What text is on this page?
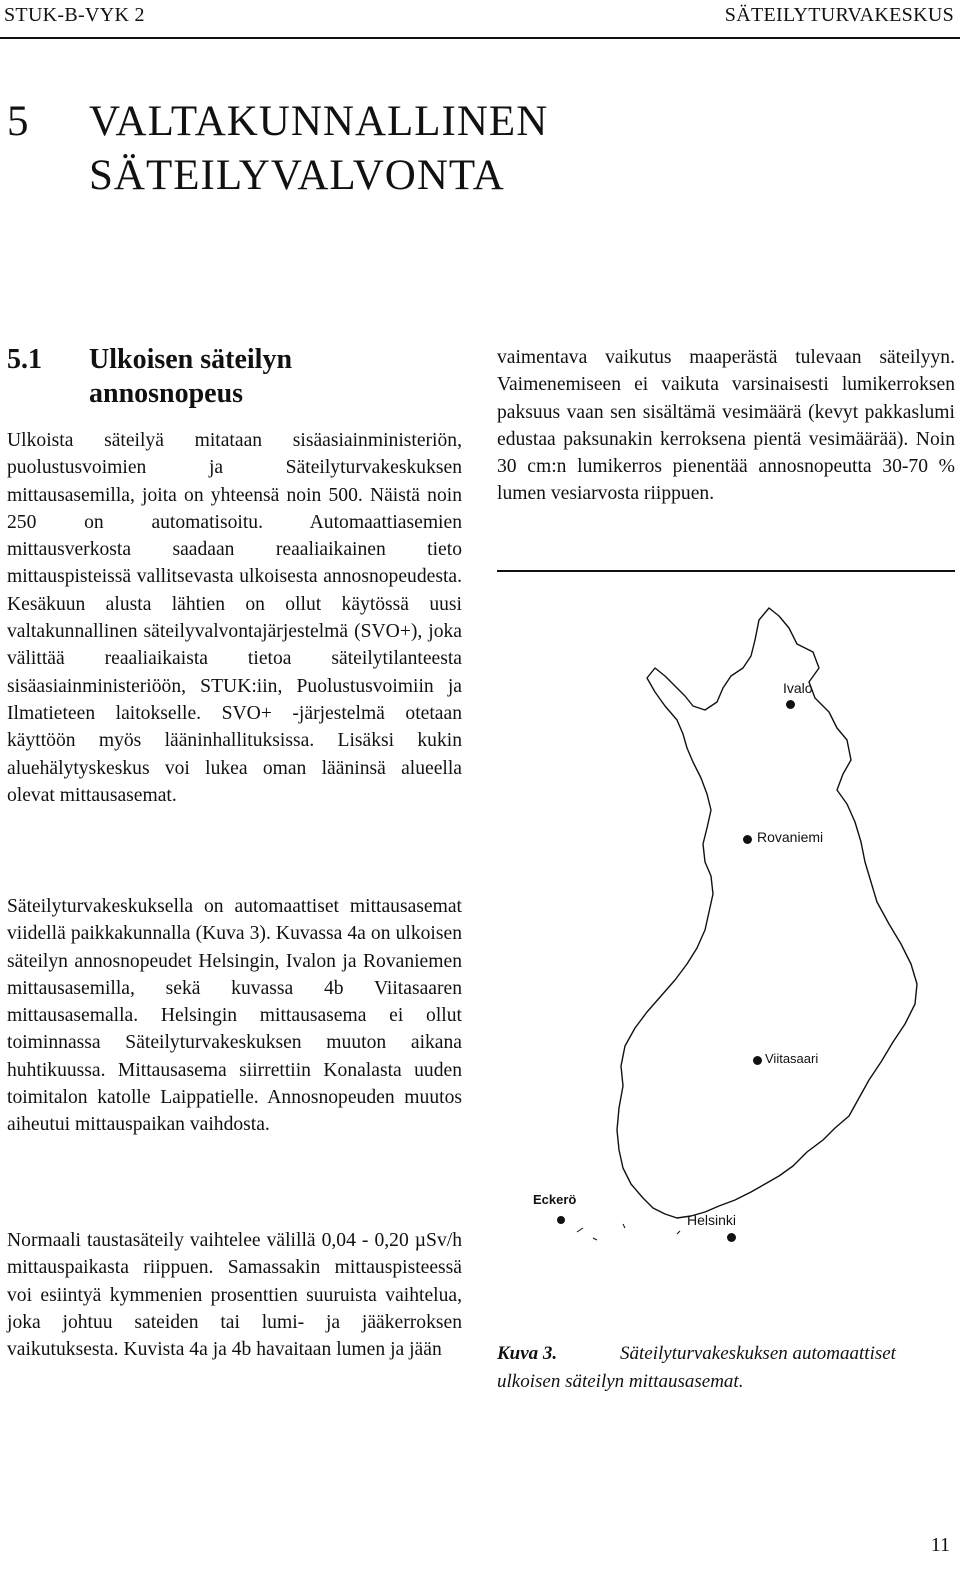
STUK-B-VYK 2	SÄTEILYTURVAKESKUS
5 VALTAKUNNALLINEN
SÄTEILYVALVONTA
5.1 Ulkoisen säteilyn
annosnopeus
Ulkoista säteilyä mitataan sisäasiainministeriön, puolustusvoimien ja Säteilyturvakeskuksen mittausasemilla, joita on yhteensä noin 500. Näistä noin 250 on automatisoitu. Automaattiasemien mittausverkosta saadaan reaaliaikainen tieto mittauspisteissä vallitsevasta ulkoisesta annosnopeudesta. Kesäkuun alusta lähtien on ollut käytössä uusi valtakunnallinen säteilyvalvontajärjestelmä (SVO+), joka välittää reaaliaikaista tietoa säteilytilanteesta sisäasiainministeriöön, STUK:iin, Puolustusvoimiin ja Ilmatieteen laitokselle. SVO+ -järjestelmä otetaan käyttöön myös lääninhallituksissa. Lisäksi kukin aluehälytyskeskus voi lukea oman lääninsä alueella olevat mittausasemat.
Säteilyturvakeskuksella on automaattiset mittausasemat viidellä paikkakunnalla (Kuva 3). Kuvassa 4a on ulkoisen säteilyn annosnopeudet Helsingin, Ivalon ja Rovaniemen mittausasemilla, sekä kuvassa 4b Viitasaaren mittausasemalla. Helsingin mittausasema ei ollut toiminnassa Säteilyturvakeskuksen muuton aikana huhtikuussa. Mittausasema siirrettiin Konalasta uuden toimitalon katolle Laippatielle. Annosnopeuden muutos aiheutui mittauspaikan vaihdosta.
Normaali taustasäteily vaihtelee välillä 0,04 - 0,20 µSv/h mittauspaikasta riippuen. Samassakin mittauspisteessä voi esiintyä kymmenien prosenttien suuruista vaihtelua, joka johtuu sateiden tai lumi- ja jääkerroksen vaikutuksesta. Kuvista 4a ja 4b havaitaan lumen ja jään
vaimentava vaikutus maaperästä tulevaan säteilyyn. Vaimenemiseen ei vaikuta varsinaisesti lumikerroksen paksuus vaan sen sisältämä vesimäärä (kevyt pakkaslumi edustaa paksunakin kerroksena pientä vesimäärää). Noin 30 cm:n lumikerros pienentää annosnopeutta 30-70 % lumen vesiarvosta riippuen.
Ivalo
Rovaniemi
Viitasaari
Eckerö
Helsinki
Kuva 3.	Säteilyturvakeskuksen automaattiset ulkoisen säteilyn mittausasemat.
11
